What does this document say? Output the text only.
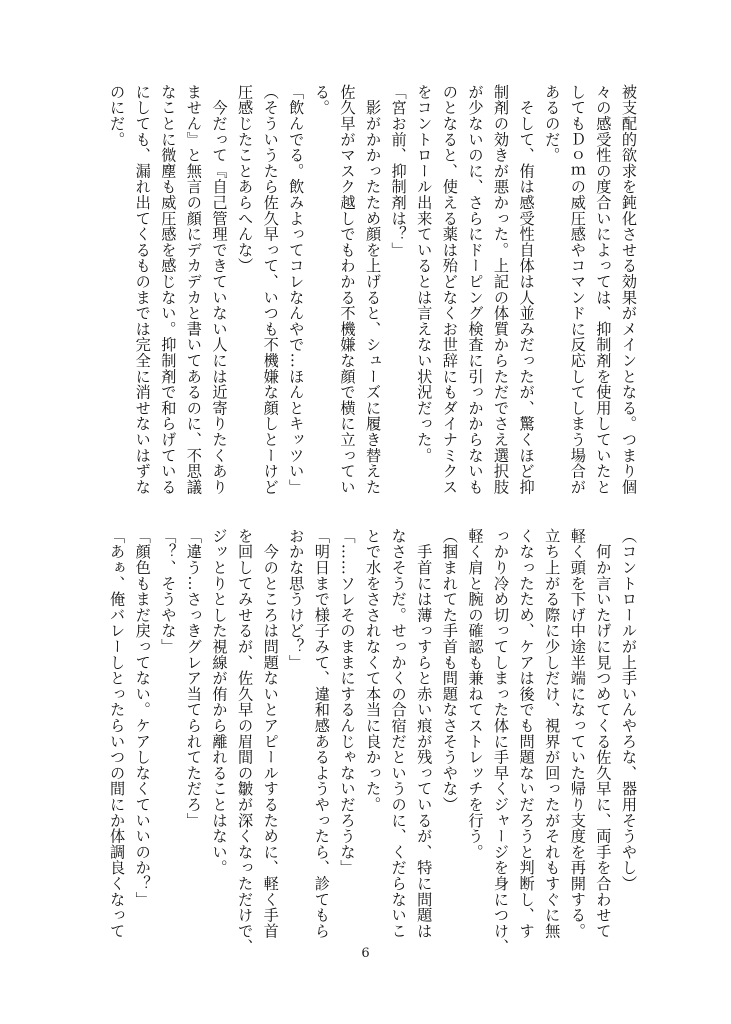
被支配的欲求を鈍化させる効果がメインとなる。つまり個
々の感受性の度合いによっては、抑制剤を使用していたと
してもＤｏｍの威圧感やコマンドに反応してしまう場合が
あるのだ。
　そして、侑は感受性自体は人並みだったが、驚くほど抑
制剤の効きが悪かった。上記の体質からただでさえ選択肢
が少ないのに、さらにドーピング検査に引っかからないも
のとなると、使える薬は殆どなくお世辞にもダイナミクス
をコントロール出来ているとは言えない状況だった。
「宮お前、抑制剤は？」
　影がかかったため顔を上げると、シューズに履き替えた
佐久早がマスク越しでもわかる不機嫌な顔で横に立ってい
る。
「飲んでる。飲みよってコレなんやで…ほんとキッツい」
（そういうたら佐久早って、いつも不機嫌な顔しとーけど
圧感じたことあらへんな）
　今だって『自己管理できていない人には近寄りたくあり
ません』と無言の顔にデカデカと書いてあるのに、不思議
なことに微塵も威圧感を感じない。抑制剤で和らげている
にしても、漏れ出てくるものまでは完全に消せないはずな
のにだ。
（コントロールが上手いんやろな、器用そうやし）
　何か言いたげに見つめてくる佐久早に、両手を合わせて
軽く頭を下げ中途半端になっていた帰り支度を再開する。
立ち上がる際に少しだけ、視界が回ったがそれもすぐに無
くなったため、ケアは後でも問題ないだろうと判断し、す
っかり冷め切ってしまった体に手早くジャージを身につけ、
軽く肩と腕の確認も兼ねてストレッチを行う。
（掴まれてた手首も問題なさそうやな）
　手首には薄っすらと赤い痕が残っているが、特に問題は
なさそうだ。せっかくの合宿だというのに、くだらないこ
とで水をさされなくて本当に良かった。
「……ソレそのままにするんじゃないだろうな」
「明日まで様子みて、違和感あるようやったら、診てもら
おかな思うけど？」
　今のところは問題ないとアピールするために、軽く手首
を回してみせるが、佐久早の眉間の皺が深くなっただけで、
ジッとりとした視線が侑から離れることはない。
「違う…さっきグレア当てられてただろ」
「？、そうやな」
「顔色もまだ戻ってない。ケアしなくていいのか？」
「あぁ、俺バレーしとったらいつの間にか体調良くなって
6
